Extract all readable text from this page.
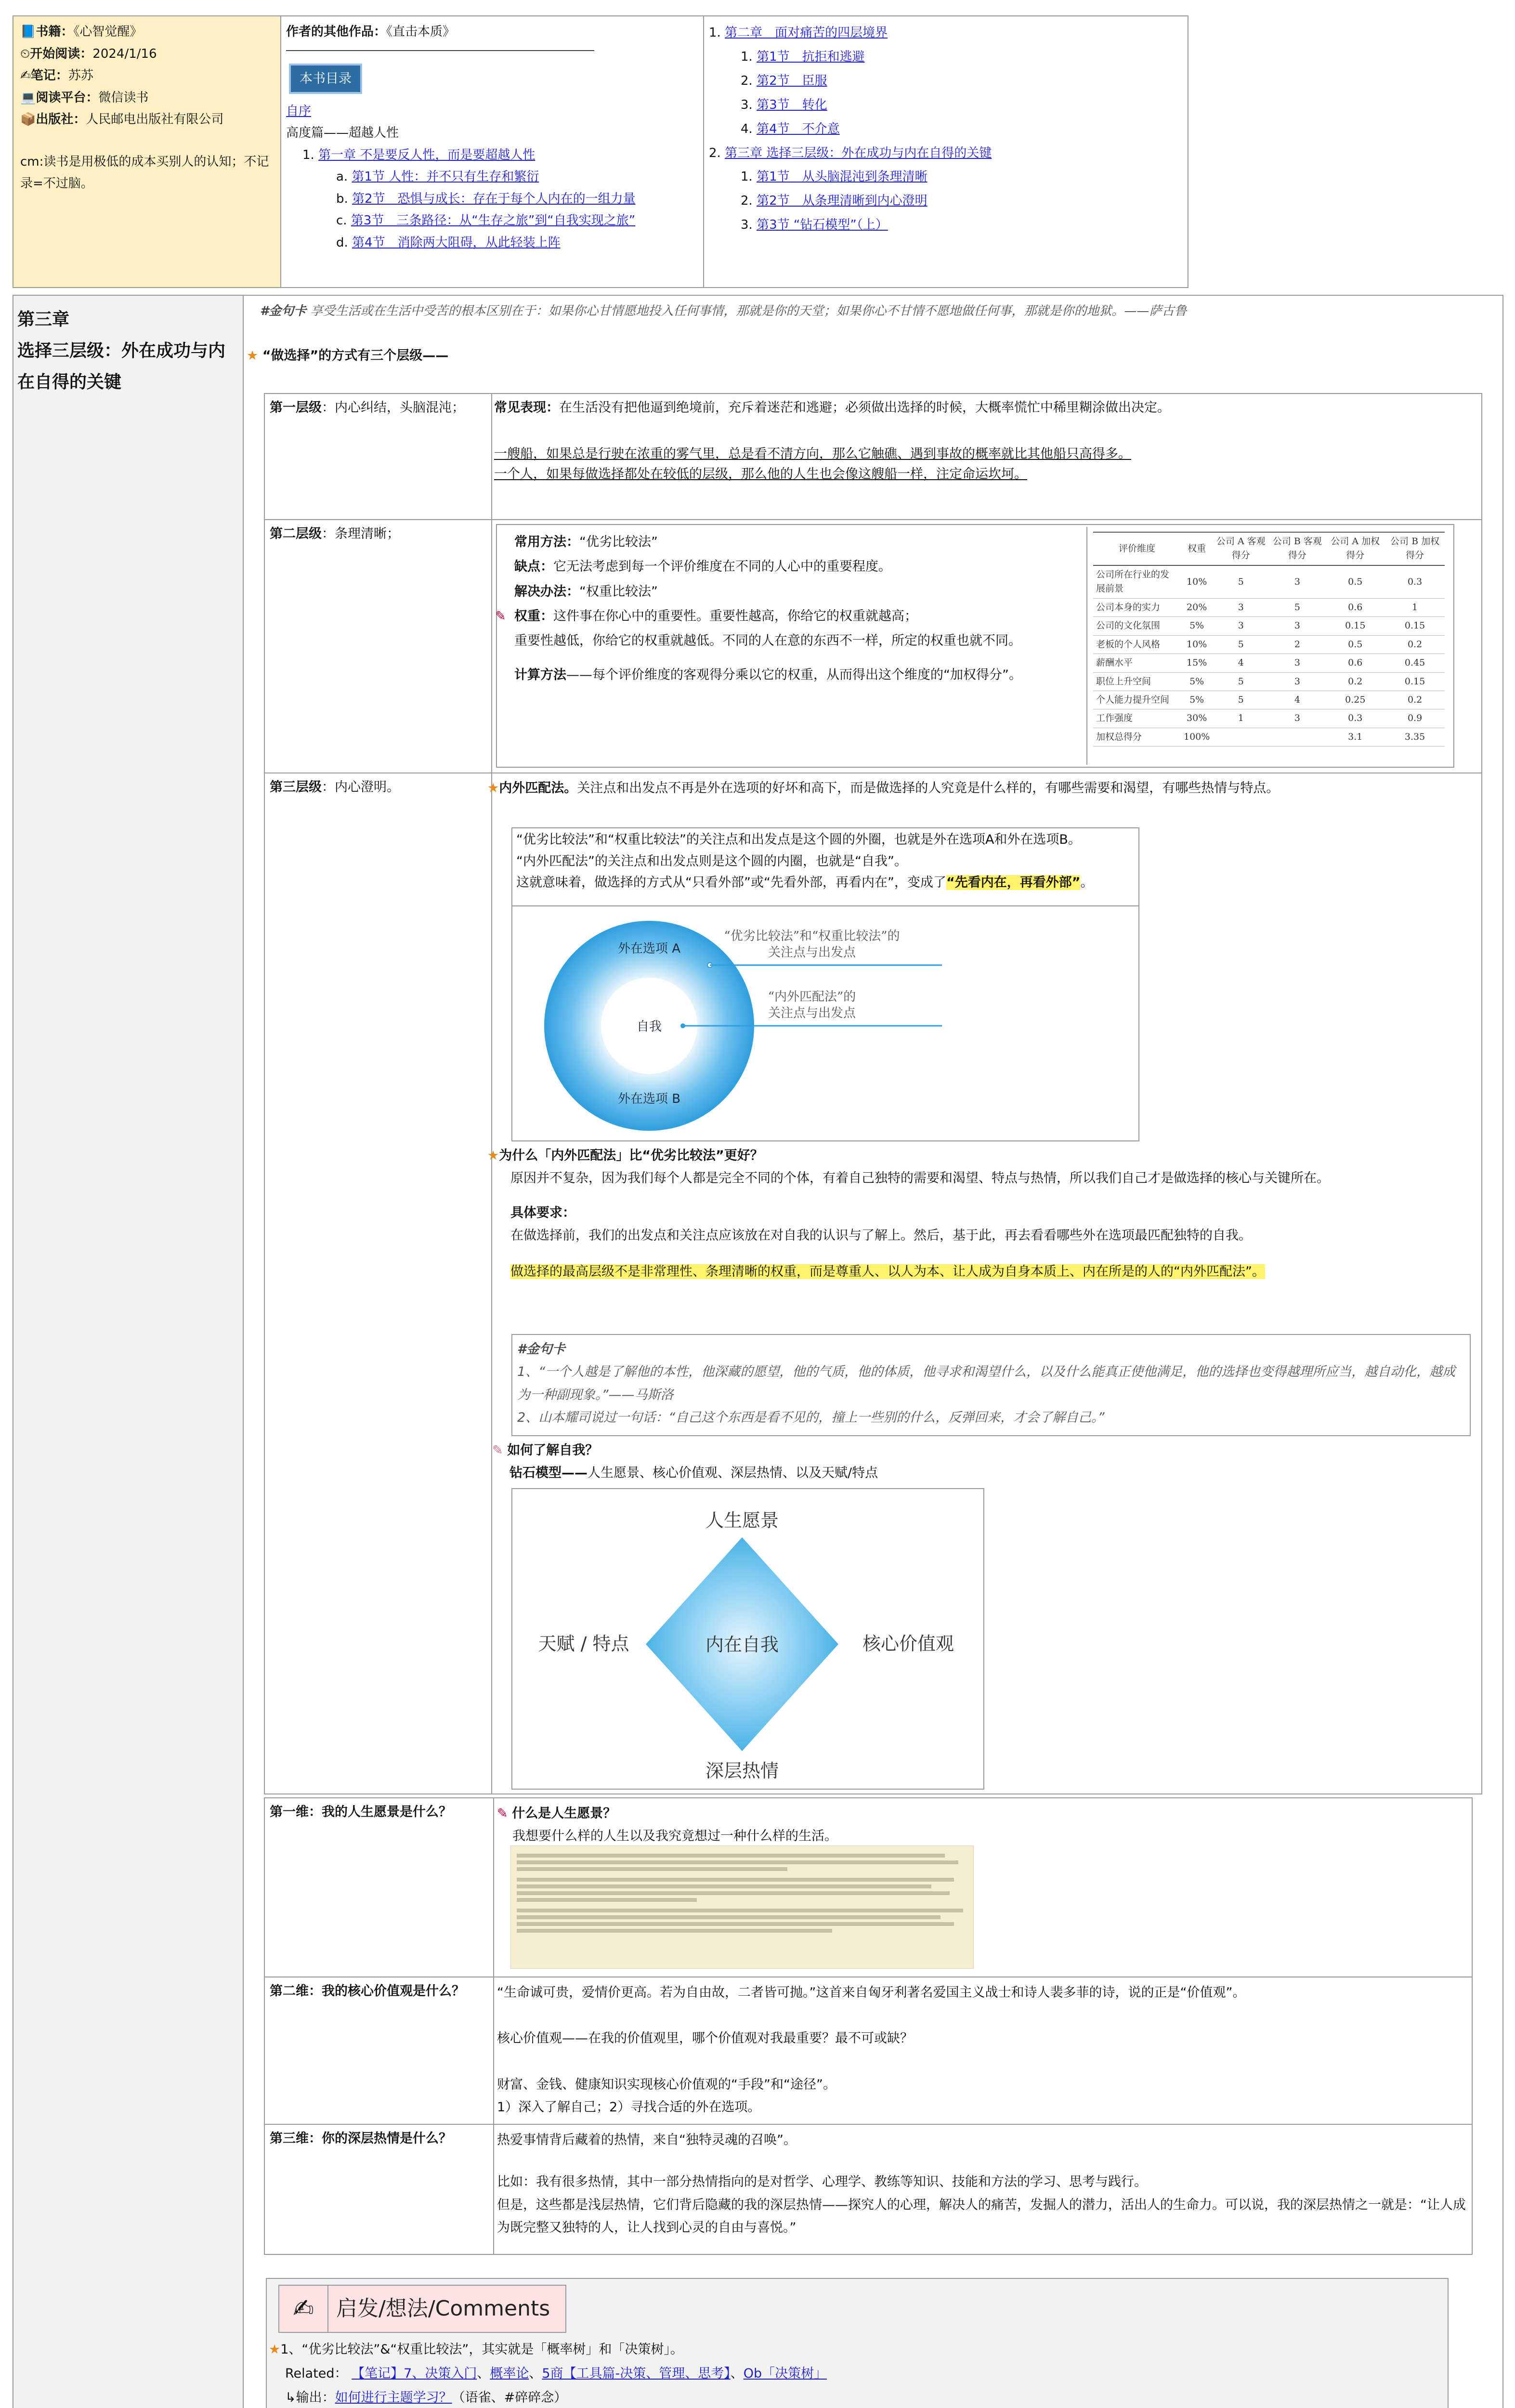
📘书籍：《心智觉醒》
⏲开始阅读：2024/1/16
✍笔记：苏苏
💻阅读平台：微信读书
📦出版社：人民邮电出版社有限公司
cm:读书是用极低的成本买别人的认知；不记录=不过脑。
作者的其他作品：《直击本质》
本书目录
自序
高度篇——超越人性
1. 第一章 不是要反人性，而是要超越人性
a. 第1节 人性：并不只有生存和繁衍
b. 第2节　恐惧与成长：存在于每个人内在的一组力量
c. 第3节　三条路径：从“生存之旅”到“自我实现之旅”
d. 第4节　消除两大阻碍，从此轻装上阵
1. 第二章　面对痛苦的四层境界
1. 第1节　抗拒和逃避
2. 第2节　臣服
3. 第3节　转化
4. 第4节　不介意
2. 第三章 选择三层级：外在成功与内在自得的关键
1. 第1节　从头脑混沌到条理清晰
2. 第2节　从条理清晰到内心澄明
3. 第3节 “钻石模型”（上）
第三章
选择三层级：外在成功与内在自得的关键
#金句卡 享受生活或在生活中受苦的根本区别在于：如果你心甘情愿地投入任何事情，那就是你的天堂；如果你心不甘情不愿地做任何事，那就是你的地狱。——萨古鲁
★ “做选择”的方式有三个层级——
第一层级：内心纠结，头脑混沌；	常见表现：在生活没有把他逼到绝境前，充斥着迷茫和逃避；必须做出选择的时候，大概率慌忙中稀里糊涂做出决定。

一艘船，如果总是行驶在浓重的雾气里，总是看不清方向，那么它触礁、遇到事故的概率就比其他船只高得多。

一个人，如果每做选择都处在较低的层级，那么他的人生也会像这艘船一样，注定命运坎坷。

第二层级：条理清晰；
常用方法：“优劣比较法”
缺点：它无法考虑到每一个评价维度在不同的人心中的重要程度。
解决办法：“权重比较法”
✎ 权重：这件事在你心中的重要性。重要性越高，你给它的权重就越高；
重要性越低，你给它的权重就越低。不同的人在意的东西不一样，所定的权重也就不同。
计算方法——每个评价维度的客观得分乘以它的权重，从而得出这个维度的“加权得分”。
评价维度	权重	公司 A 客观得分	公司 B 客观得分	公司 A 加权得分	公司 B 加权得分
公司所在行业的发展前景	10%	5	3	0.5	0.3
公司本身的实力	20%	3	5	0.6	1
公司的文化氛围	5%	3	3	0.15	0.15
老板的个人风格	10%	5	2	0.5	0.2
薪酬水平	15%	4	3	0.6	0.45
职位上升空间	5%	5	3	0.2	0.15
个人能力提升空间	5%	5	4	0.25	0.2
工作强度	30%	1	3	0.3	0.9
加权总得分	100%			3.1	3.35
第三层级：内心澄明。	★内外匹配法。关注点和出发点不再是外在选项的好坏和高下，而是做选择的人究竟是什么样的，有哪些需要和渴望，有哪些热情与特点。
“优劣比较法”和“权重比较法”的关注点和出发点是这个圆的外圈，也就是外在选项A和外在选项B。
“内外匹配法”的关注点和出发点则是这个圆的内圈，也就是“自我”。
这就意味着，做选择的方式从“只看外部”或“先看外部，再看内在”，变成了“先看内在，再看外部”。
外在选项 A
外在选项 B
自我
“优劣比较法”和“权重比较法”的
关注点与出发点
“内外匹配法”的
关注点与出发点
★为什么「内外匹配法」比“优劣比较法”更好？
原因并不复杂，因为我们每个人都是完全不同的个体，有着自己独特的需要和渴望、特点与热情，所以我们自己才是做选择的核心与关键所在。
具体要求：
在做选择前，我们的出发点和关注点应该放在对自我的认识与了解上。然后，基于此，再去看看哪些外在选项最匹配独特的自我。
做选择的最高层级不是非常理性、条理清晰的权重，而是尊重人、以人为本、让人成为自身本质上、内在所是的人的“内外匹配法”。
#金句卡
1、“一个人越是了解他的本性，他深藏的愿望，他的气质，他的体质，他寻求和渴望什么，以及什么能真正使他满足，他的选择也变得越理所应当，越自动化，越成为一种副现象。”——马斯洛
2、山本耀司说过一句话：“自己这个东西是看不见的，撞上一些别的什么，反弹回来，才会了解自己。”
✎ 如何了解自我？
钻石模型——人生愿景、核心价值观、深层热情、以及天赋/特点
人生愿景
天赋 / 特点	内在自我	核心价值观
深层热情
第一维：我的人生愿景是什么？	✎ 什么是人生愿景？
我想要什么样的人生以及我究竟想过一种什么样的生活。
第二维：我的核心价值观是什么？	“生命诚可贵，爱情价更高。若为自由故，二者皆可抛。”这首来自匈牙利著名爱国主义战士和诗人裴多菲的诗，说的正是“价值观”。
核心价值观——在我的价值观里，哪个价值观对我最重要？最不可或缺？
财富、金钱、健康知识实现核心价值观的“手段”和“途径”。
1）深入了解自己；2）寻找合适的外在选项。
第三维：你的深层热情是什么？	热爱事情背后藏着的热情，来自“独特灵魂的召唤”。
比如：我有很多热情，其中一部分热情指向的是对哲学、心理学、教练等知识、技能和方法的学习、思考与践行。
但是，这些都是浅层热情，它们背后隐藏的我的深层热情——探究人的心理，解决人的痛苦，发掘人的潜力，活出人的生命力。可以说，我的深层热情之一就是：“让人成为既完整又独特的人，让人找到心灵的自由与喜悦。”
✍	启发/想法/Comments
★1、“优劣比较法”&“权重比较法”，其实就是「概率树」和「决策树」。
Related： 【笔记】7、决策入门、概率论、5商【工具篇-决策、管理、思考】、Ob「决策树」
↳输出：如何进行主题学习？（语雀、#碎碎念）
